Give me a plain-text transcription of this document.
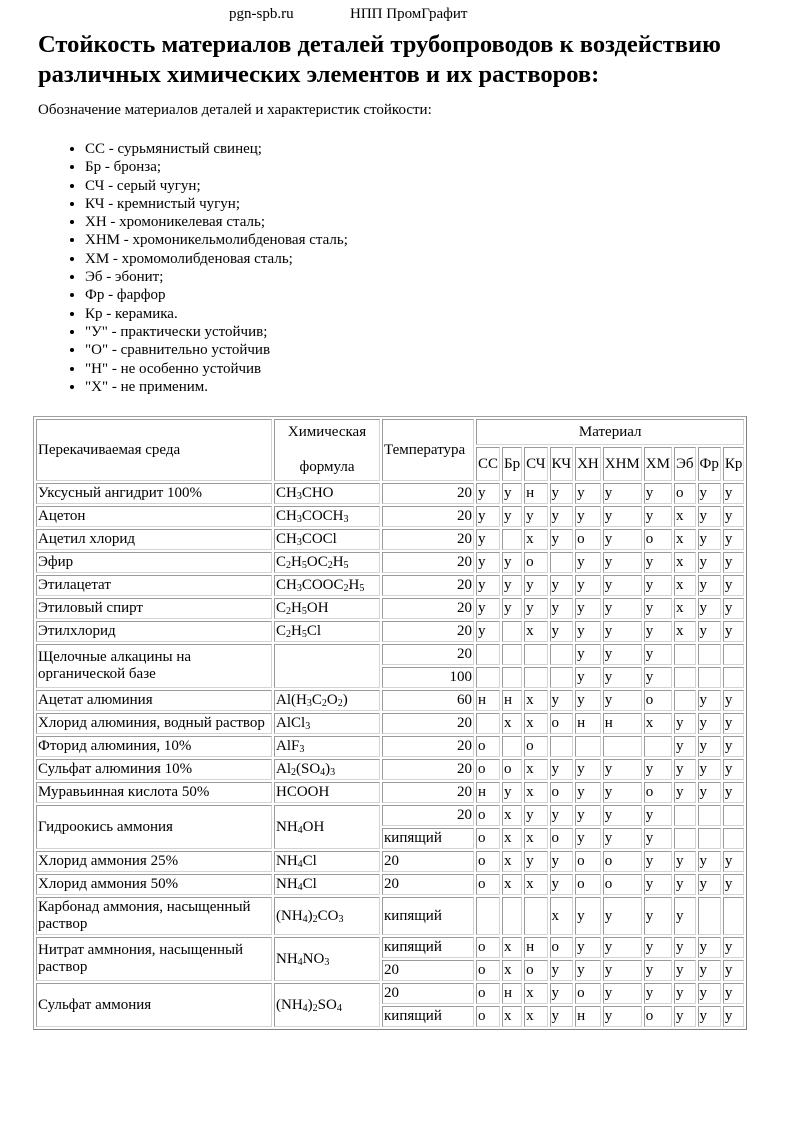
pgn-spb.ru	НПП ПромГрафит
Стойкость материалов деталей трубопроводов к воздействию различных химических элементов и их растворов:
Обозначение материалов деталей и характеристик стойкости:
• СС - сурьмянистый свинец;
• Бр - бронза;
• СЧ - серый чугун;
• КЧ - кремнистый чугун;
• ХН - хромоникелевая сталь;
• ХНМ - хромоникельмолибденовая сталь;
• ХМ - хромомолибденовая сталь;
• Эб - эбонит;
• Фр - фарфор
• Кр - керамика.
• "У" - практически устойчив;
• "О" - сравнительно устойчив
• "Н" - не особенно устойчив
• "Х" - не применим.
Перекачиваемая среда	Химическая
формула	Температура	Материал									
			СС	Бр	СЧ	КЧ	ХН	ХНМ	ХМ	Эб	Фр	Кр
Уксусный ангидрит 100%	$CH_3CHO$	20	у	у	н	у	у	у	у	о	у	у
Ацетон	$CH_3COCH_3$	20	у	у	у	у	у	у	у	х	у	у
Ацетил хлорид	$CH_3COCl$	20	у		х	у	о	у	о	х	у	у
Эфир	$C_2H_5OC_2H_5$	20	у	у	о		у	у	у	х	у	у
Этилацетат	$CH_3COOC_2H_5$	20	у	у	у	у	у	у	у	х	у	у
Этиловый спирт	$C_2H_5OH$	20	у	у	у	у	у	у	у	х	у	у
Этилхлорид	$C_2H_5Cl$	20	у		х	у	у	у	у	х	у	у
Щелочные алкацины на органической базе		20					у	у	у			
		100					у	у	у			
Ацетат алюминия	$Al(H_3C_2O_2)$	60	н	н	х	у	у	у	о		у	у
Хлорид алюминия, водный раствор	AlCl$_3$	20		х	х	о	н	н	х	у	у	у
Фторид алюминия, 10%	AlF$_3$	20	о		о					у	у	у
Сульфат алюминия 10%	$Al_2(SO_4)_3$	20	о	о	х	у	у	у	у	у	у	у
Муравьинная кислота 50%	HCOOH	20	н	у	х	о	у	у	о	у	у	у
Гидроокись аммония	$NH_4OH$	20	о	х	у	у	у	у	у			
		кипящий	о	х	х	о	у	у	у			
Хлорид аммония 25%	$NH_4Cl$	20	о	х	у	у	о	о	у	у	у	у
Хлорид аммония 50%	$NH_4Cl$	20	о	х	х	у	о	о	у	у	у	у
Карбонад аммония, насыщенный раствор	$(NH_4)_2CO_3$	кипящий				х	у	у	у	у		
Нитрат аммнония, насыщенный раствор	$NH_4NO_3$	кипящий	о	х	н	о	у	у	у	у	у	у
		20	о	х	о	у	у	у	у	у	у	у
Сульфат аммония	$(NH_4)_2SO_4$	20	о	н	х	у	о	у	у	у	у	у
		кипящий	о	х	х	у	н	у	о	у	у	у
